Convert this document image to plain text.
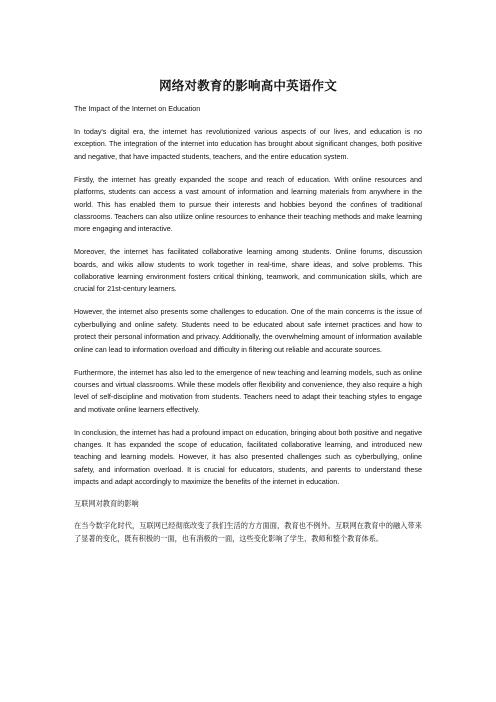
网络对教育的影响高中英语作文

The Impact of the Internet on Education

In today's digital era, the internet has revolutionized various aspects of our lives, and education is no exception. The integration of the internet into education has brought about significant changes, both positive and negative, that have impacted students, teachers, and the entire education system.

Firstly, the internet has greatly expanded the scope and reach of education. With online resources and platforms, students can access a vast amount of information and learning materials from anywhere in the world. This has enabled them to pursue their interests and hobbies beyond the confines of traditional classrooms. Teachers can also utilize online resources to enhance their teaching methods and make learning more engaging and interactive.

Moreover, the internet has facilitated collaborative learning among students. Online forums, discussion boards, and wikis allow students to work together in real-time, share ideas, and solve problems. This collaborative learning environment fosters critical thinking, teamwork, and communication skills, which are crucial for 21st-century learners.

However, the internet also presents some challenges to education. One of the main concerns is the issue of cyberbullying and online safety. Students need to be educated about safe internet practices and how to protect their personal information and privacy. Additionally, the overwhelming amount of information available online can lead to information overload and difficulty in filtering out reliable and accurate sources.

Furthermore, the internet has also led to the emergence of new teaching and learning models, such as online courses and virtual classrooms. While these models offer flexibility and convenience, they also require a high level of self-discipline and motivation from students. Teachers need to adapt their teaching styles to engage and motivate online learners effectively.

In conclusion, the internet has had a profound impact on education, bringing about both positive and negative changes. It has expanded the scope of education, facilitated collaborative learning, and introduced new teaching and learning models. However, it has also presented challenges such as cyberbullying, online safety, and information overload. It is crucial for educators, students, and parents to understand these impacts and adapt accordingly to maximize the benefits of the internet in education.

互联网对教育的影响

在当今数字化时代，互联网已经彻底改变了我们生活的方方面面，教育也不例外。互联网在教育中的融入带来了显著的变化，既有积极的一面，也有消极的一面，这些变化影响了学生、教师和整个教育体系。
